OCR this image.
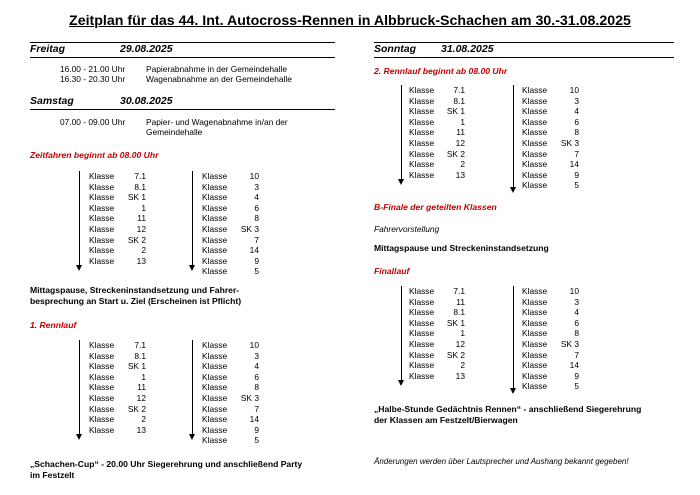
Zeitplan für das 44. Int. Autocross-Rennen in Albbruck-Schachen am 30.-31.08.2025
Freitag	29.08.2025
16.00 - 21.00 Uhr Papierabnahme in der Gemeindehalle
16.30 - 20.30 Uhr Wagenabnahme an der Gemeindehalle
Samstag	30.08.2025
07.00 - 09.00 Uhr Papier- und Wagenabnahme in/an der
Gemeindehalle
Zeitfahren beginnt ab 08.00 Uhr
Klasse 7.1
Klasse 8.1
Klasse SK 1
Klasse	1
Klasse	11
Klasse	12
Klasse SK 2
Klasse	2
Klasse	13
Klasse	10
Klasse	3
Klasse	4
Klasse	6
Klasse	8
Klasse SK 3
Klasse	7
Klasse	14
Klasse	9
Klasse	5
Mittagspause, Streckeninstandsetzung und Fahrer-
besprechung an Start u. Ziel (Erscheinen ist Pflicht)
1. Rennlauf
Klasse 7.1
Klasse 8.1
Klasse SK 1
Klasse	1
Klasse	11
Klasse	12
Klasse SK 2
Klasse	2
Klasse	13
Klasse	10
Klasse	3
Klasse	4
Klasse	6
Klasse	8
Klasse SK 3
Klasse	7
Klasse	14
Klasse	9
Klasse	5
„Schachen-Cup“ - 20.00 Uhr Siegerehrung und anschließend Party
im Festzelt
Sonntag 31.08.2025
2. Rennlauf beginnt ab 08.00 Uhr
Klasse 7.1
Klasse 8.1
Klasse SK 1
Klasse	1
Klasse	11
Klasse	12
Klasse SK 2
Klasse	2
Klasse	13
Klasse	10
Klasse	3
Klasse	4
Klasse	6
Klasse	8
Klasse SK 3
Klasse	7
Klasse	14
Klasse	9
Klasse	5
B-Finale der geteilten Klassen
Fahrervorstellung
Mittagspause und Streckeninstandsetzung
Finallauf
Klasse 7.1
Klasse	11
Klasse 8.1
Klasse SK 1
Klasse	1
Klasse	12
Klasse SK 2
Klasse	2
Klasse	13
Klasse	10
Klasse	3
Klasse	4
Klasse	6
Klasse	8
Klasse SK 3
Klasse	7
Klasse	14
Klasse	9
Klasse	5
„Halbe-Stunde Gedächtnis Rennen“ - anschließend Siegerehrung
der Klassen am Festzelt/Bierwagen
Änderungen werden über Lautsprecher und Aushang bekannt gegeben!
